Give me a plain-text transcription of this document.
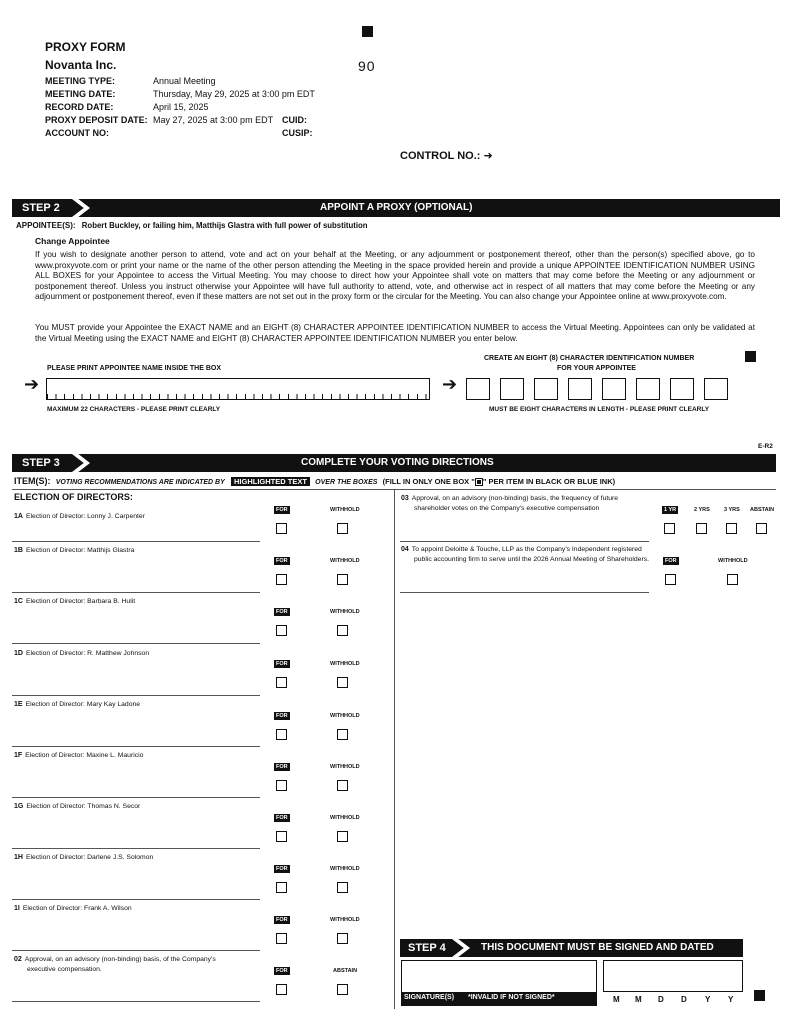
PROXY FORM
Novanta Inc.	90
MEETING TYPE:	Annual Meeting
MEETING DATE:	Thursday, May 29, 2025 at 3:00 pm EDT
RECORD DATE:	April 15, 2025
PROXY DEPOSIT DATE: May 27, 2025 at 3:00 pm EDT CUID:
ACCOUNT NO:	CUSIP:
CONTROL NO.: ➜
STEP 2	APPOINT A PROXY (OPTIONAL)
APPOINTEE(S): Robert Buckley, or failing him, Matthijs Glastra with full power of substitution
Change Appointee
If you wish to designate another person to attend, vote and act on your behalf at the Meeting, or any adjournment or postponement thereof, other than the person(s) specified above, go to www.proxyvote.com or print your name or the name of the other person attending the Meeting in the space provided herein and provide a unique APPOINTEE IDENTIFICATION NUMBER USING ALL BOXES for your Appointee to access the Virtual Meeting. You may choose to direct how your Appointee shall vote on matters that may come before the Meeting or any adjournment or postponement thereof. Unless you instruct otherwise your Appointee will have full authority to attend, vote, and otherwise act in respect of all matters that may come before the Meeting or any adjournment or postponement thereof, even if these matters are not set out in the proxy form or the circular for the Meeting. You can also change your Appointee online at www.proxyvote.com.
You MUST provide your Appointee the EXACT NAME and an EIGHT (8) CHARACTER APPOINTEE IDENTIFICATION NUMBER to access the Virtual Meeting. Appointees can only be validated at the Virtual Meeting using the EXACT NAME and EIGHT (8) CHARACTER APPOINTEE IDENTIFICATION NUMBER you enter below.
PLEASE PRINT APPOINTEE NAME INSIDE THE BOX
➔
MAXIMUM 22 CHARACTERS - PLEASE PRINT CLEARLY
CREATE AN EIGHT (8) CHARACTER IDENTIFICATION NUMBER
FOR YOUR APPOINTEE
➔
MUST BE EIGHT CHARACTERS IN LENGTH - PLEASE PRINT CLEARLY
E-R2
STEP 3	COMPLETE YOUR VOTING DIRECTIONS
ITEM(S): VOTING RECOMMENDATIONS ARE INDICATED BY HIGHLIGHTED TEXT OVER THE BOXES (FILL IN ONLY ONE BOX " " PER ITEM IN BLACK OR BLUE INK)
ELECTION OF DIRECTORS:
1A Election of Director: Lonny J. Carpenter
FOR	WITHHOLD
1B Election of Director: Matthijs Glastra
FOR	WITHHOLD
1C Election of Director: Barbara B. Hulit
FOR	WITHHOLD
1D Election of Director: R. Matthew Johnson
FOR	WITHHOLD
1E Election of Director: Mary Kay Ladone
FOR	WITHHOLD
1F Election of Director: Maxine L. Mauricio
FOR	WITHHOLD
1G Election of Director: Thomas N. Secor
FOR	WITHHOLD
1H Election of Director: Darlene J.S. Solomon
FOR	WITHHOLD
1I Election of Director: Frank A. Wilson
FOR	WITHHOLD
02 Approval, on an advisory (non-binding) basis, of the Company's
executive compensation.	FOR	ABSTAIN
03 Approval, on an advisory (non-binding) basis, the frequency of future
shareholder votes on the Company's executive compensation	1 YR	2 YRS	3 YRS ABSTAIN
04 To appoint Deloitte & Touche, LLP as the Company's Independent registered
public accounting firm to serve until the 2026 Annual Meeting of Shareholders.	FOR	WITHHOLD
STEP 4	THIS DOCUMENT MUST BE SIGNED AND DATED
SIGNATURE(S) *INVALID IF NOT SIGNED*	M M D D Y Y
